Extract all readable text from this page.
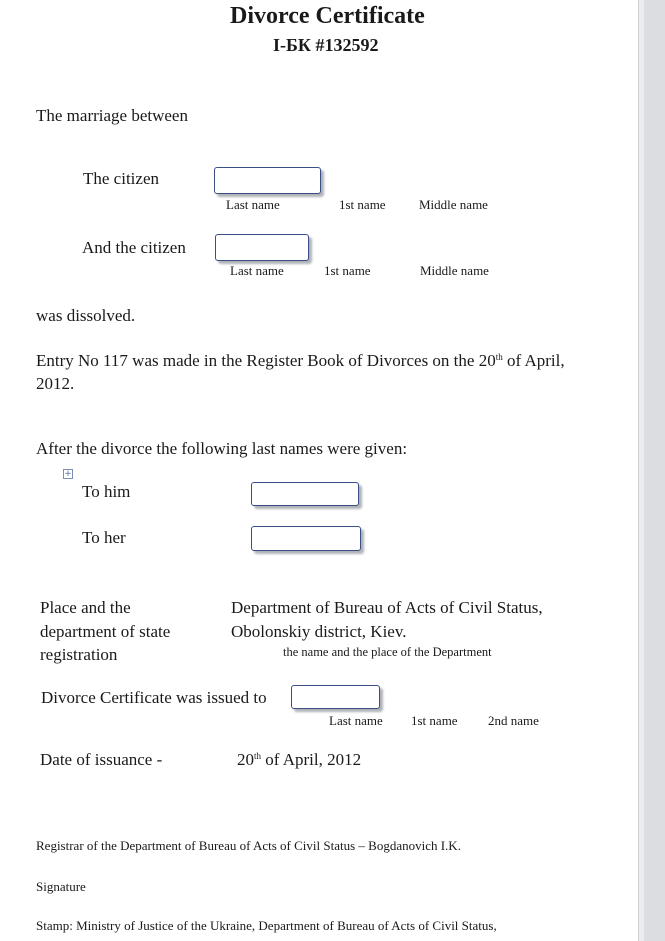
Divorce Certificate
I-БК #132592
The marriage between
The citizen
Last name	1st name	Middle name
And the citizen
Last name	1st name	Middle name
was dissolved.
Entry No 117 was made in the Register Book of Divorces on the 20th of April,
2012.
After the divorce the following last names were given:
+
To him
To her
Place and the
department of state
registration
Department of Bureau of Acts of Civil Status,
Obolonskiy district, Kiev.
the name and the place of the Department
Divorce Certificate was issued to
Last name 1st name 2nd name
Date of issuance -	20th of April, 2012
Registrar of the Department of Bureau of Acts of Civil Status – Bogdanovich I.K.
Signature
Stamp: Ministry of Justice of the Ukraine, Department of Bureau of Acts of Civil Status,
